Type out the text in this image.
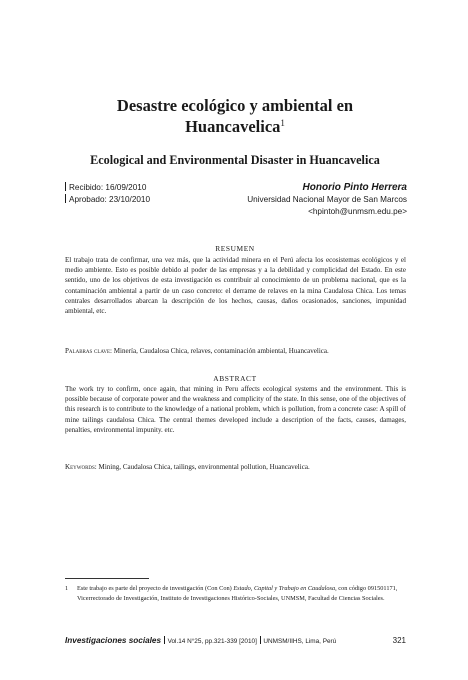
Desastre ecológico y ambiental en
Huancavelica$^1$
Ecological and Environmental Disaster in Huancavelica
Recibido: 16/09/2010
Aprobado: 23/10/2010
Honorio Pinto Herrera
Universidad Nacional Mayor de San Marcos
<hpintoh@unmsm.edu.pe>
RESUMEN
El trabajo trata de confirmar, una vez más, que la actividad minera en el Perú afecta los ecosistemas ecológicos y el medio ambiente. Esto es posible debido al poder de las empresas y a la debilidad y complicidad del Estado. En este sentido, uno de los objetivos de esta investigación es contribuir al conocimiento de un problema nacional, que es la contaminación ambiental a partir de un caso concreto: el derrame de relaves en la mina Caudalosa Chica. Los temas centrales desarrollados abarcan la descripción de los hechos, causas, daños ocasionados, sanciones, impunidad ambiental, etc.
Palabras clave: Minería, Caudalosa Chica, relaves, contaminación ambiental, Huancavelica.
ABSTRACT
The work try to confirm, once again, that mining in Peru affects ecological systems and the environment. This is possible because of corporate power and the weakness and complicity of the state. In this sense, one of the objectives of this research is to contribute to the knowledge of a national problem, which is pollution, from a concrete case: A spill of mine tailings caudalosa Chica. The central themes developed include a description of the facts, causes, damages, penalties, environmental impunity. etc.
Keywords: Mining, Caudalosa Chica, tailings, environmental pollution, Huancavelica.
1	Este trabajo es parte del proyecto de investigación (Con Con) Estado, Capital y Trabajo en Caudalosa, con código 091501171, Vicerrectorado de Investigación, Instituto de Investigaciones Histórico-Sociales, UNMSM, Facultad de Ciencias Sociales.
Investigaciones sociales Vol.14 N°25, pp.321-339 [2010] UNMSM/IIHS, Lima, Perú	321
